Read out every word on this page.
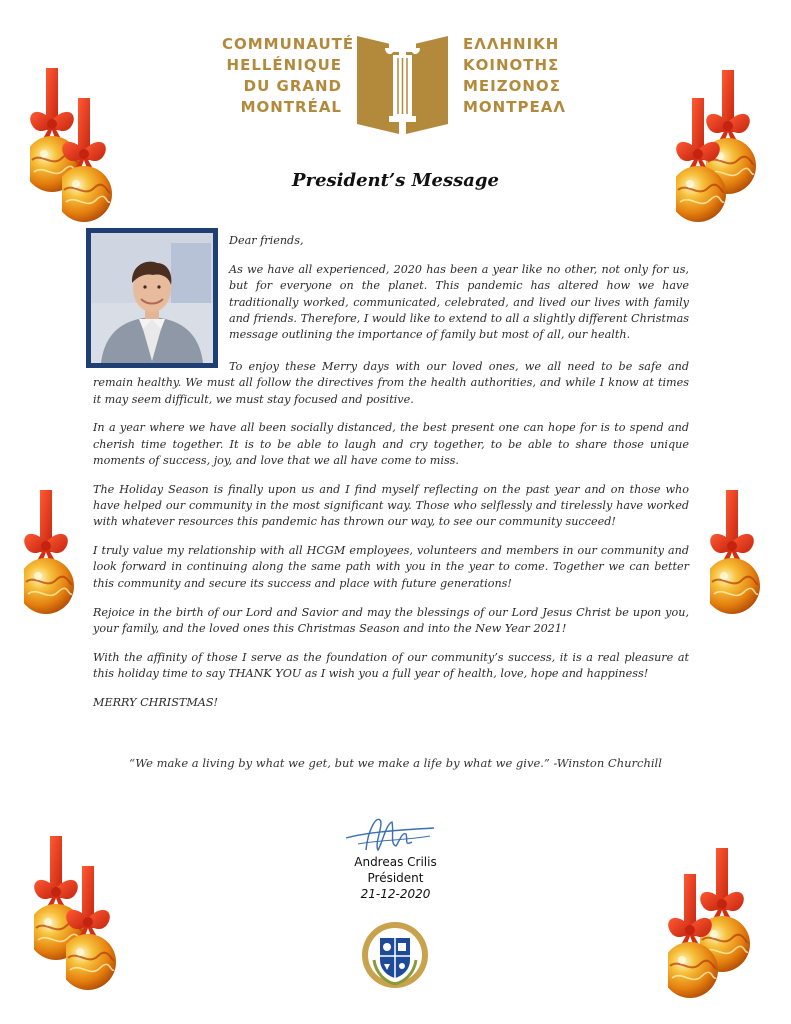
COMMUNAUTÉ
HELLÉNIQUE
DU GRAND
MONTRÉAL
ΕΛΛΗΝΙΚΗ
ΚΟΙΝΟΤΗΣ
ΜΕΙΖΟΝΟΣ
ΜΟΝΤΡΕΑΛ
President’s Message
Dear friends,
As we have all experienced, 2020 has been a year like no other, not only for us, but for everyone on the planet. This pandemic has altered how we have traditionally worked, communicated, celebrated, and lived our lives with family and friends. Therefore, I would like to extend to all a slightly different Christmas message outlining the importance of family but most of all, our health.

To enjoy these Merry days with our loved ones, we all need to be safe and remain healthy. We must all follow the directives from the health authorities, and while I know at times it may seem difficult, we must stay focused and positive.

In a year where we have all been socially distanced, the best present one can hope for is to spend and cherish time together. It is to be able to laugh and cry together, to be able to share those unique moments of success, joy, and love that we all have come to miss.

The Holiday Season is finally upon us and I find myself reflecting on the past year and on those who have helped our community in the most significant way. Those who selflessly and tirelessly have worked with whatever resources this pandemic has thrown our way, to see our community succeed!

I truly value my relationship with all HCGM employees, volunteers and members in our community and look forward in continuing along the same path with you in the year to come. Together we can better this community and secure its success and place with future generations!

Rejoice in the birth of our Lord and Savior and may the blessings of our Lord Jesus Christ be upon you, your family, and the loved ones this Christmas Season and into the New Year 2021!

With the affinity of those I serve as the foundation of our community’s success, it is a real pleasure at this holiday time to say THANK YOU as I wish you a full year of health, love, hope and happiness!

MERRY CHRISTMAS!

“We make a living by what we get, but we make a life by what we give.” -Winston Churchill
Andreas Crilis
Président
21-12-2020
